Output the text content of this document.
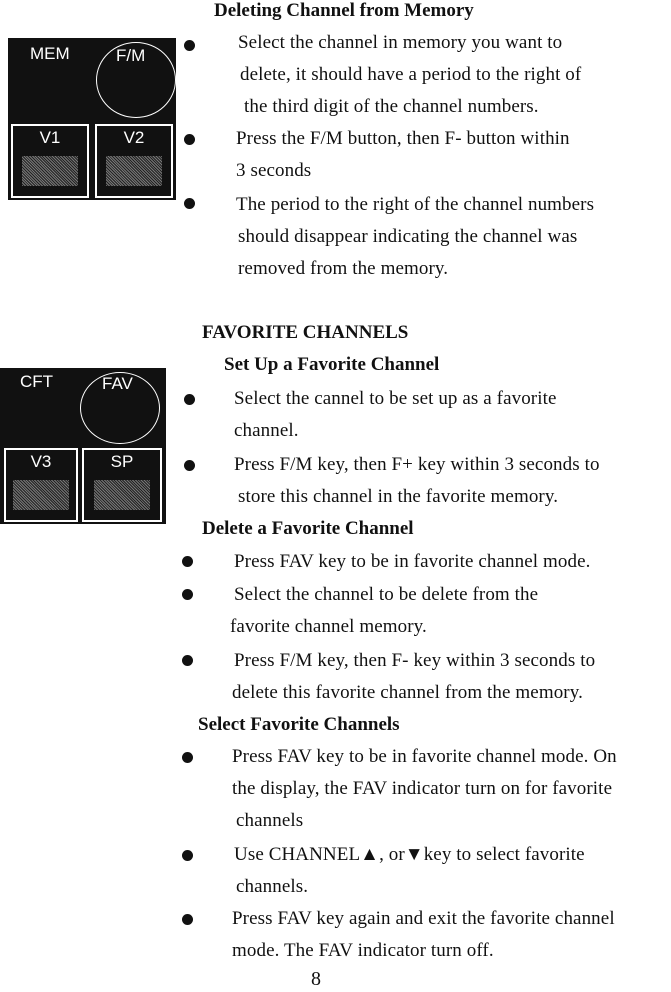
Deleting Channel from Memory
MEM	F/M
V1	V2
Select the channel in memory you want to
delete, it should have a period to the right of
the third digit of the channel numbers.
Press the F/M button, then F- button within
3 seconds
The period to the right of the channel numbers
should disappear indicating the channel was
removed from the memory.
FAVORITE CHANNELS
Set Up a Favorite Channel
CFT	FAV
V3	SP
Select the cannel to be set up as a favorite
channel.
Press F/M key, then F+ key within 3 seconds to
store this channel in the favorite memory.
Delete a Favorite Channel
Press FAV key to be in favorite channel mode.
Select the channel to be delete from the
favorite channel memory.
Press F/M key, then F- key within 3 seconds to
delete this favorite channel from the memory.
Select Favorite Channels
Press FAV key to be in favorite channel mode. On
the display, the FAV indicator turn on for favorite
channels
Use CHANNEL▲, or▼key to select favorite
channels.
Press FAV key again and exit the favorite channel
mode. The FAV indicator turn off.
8
